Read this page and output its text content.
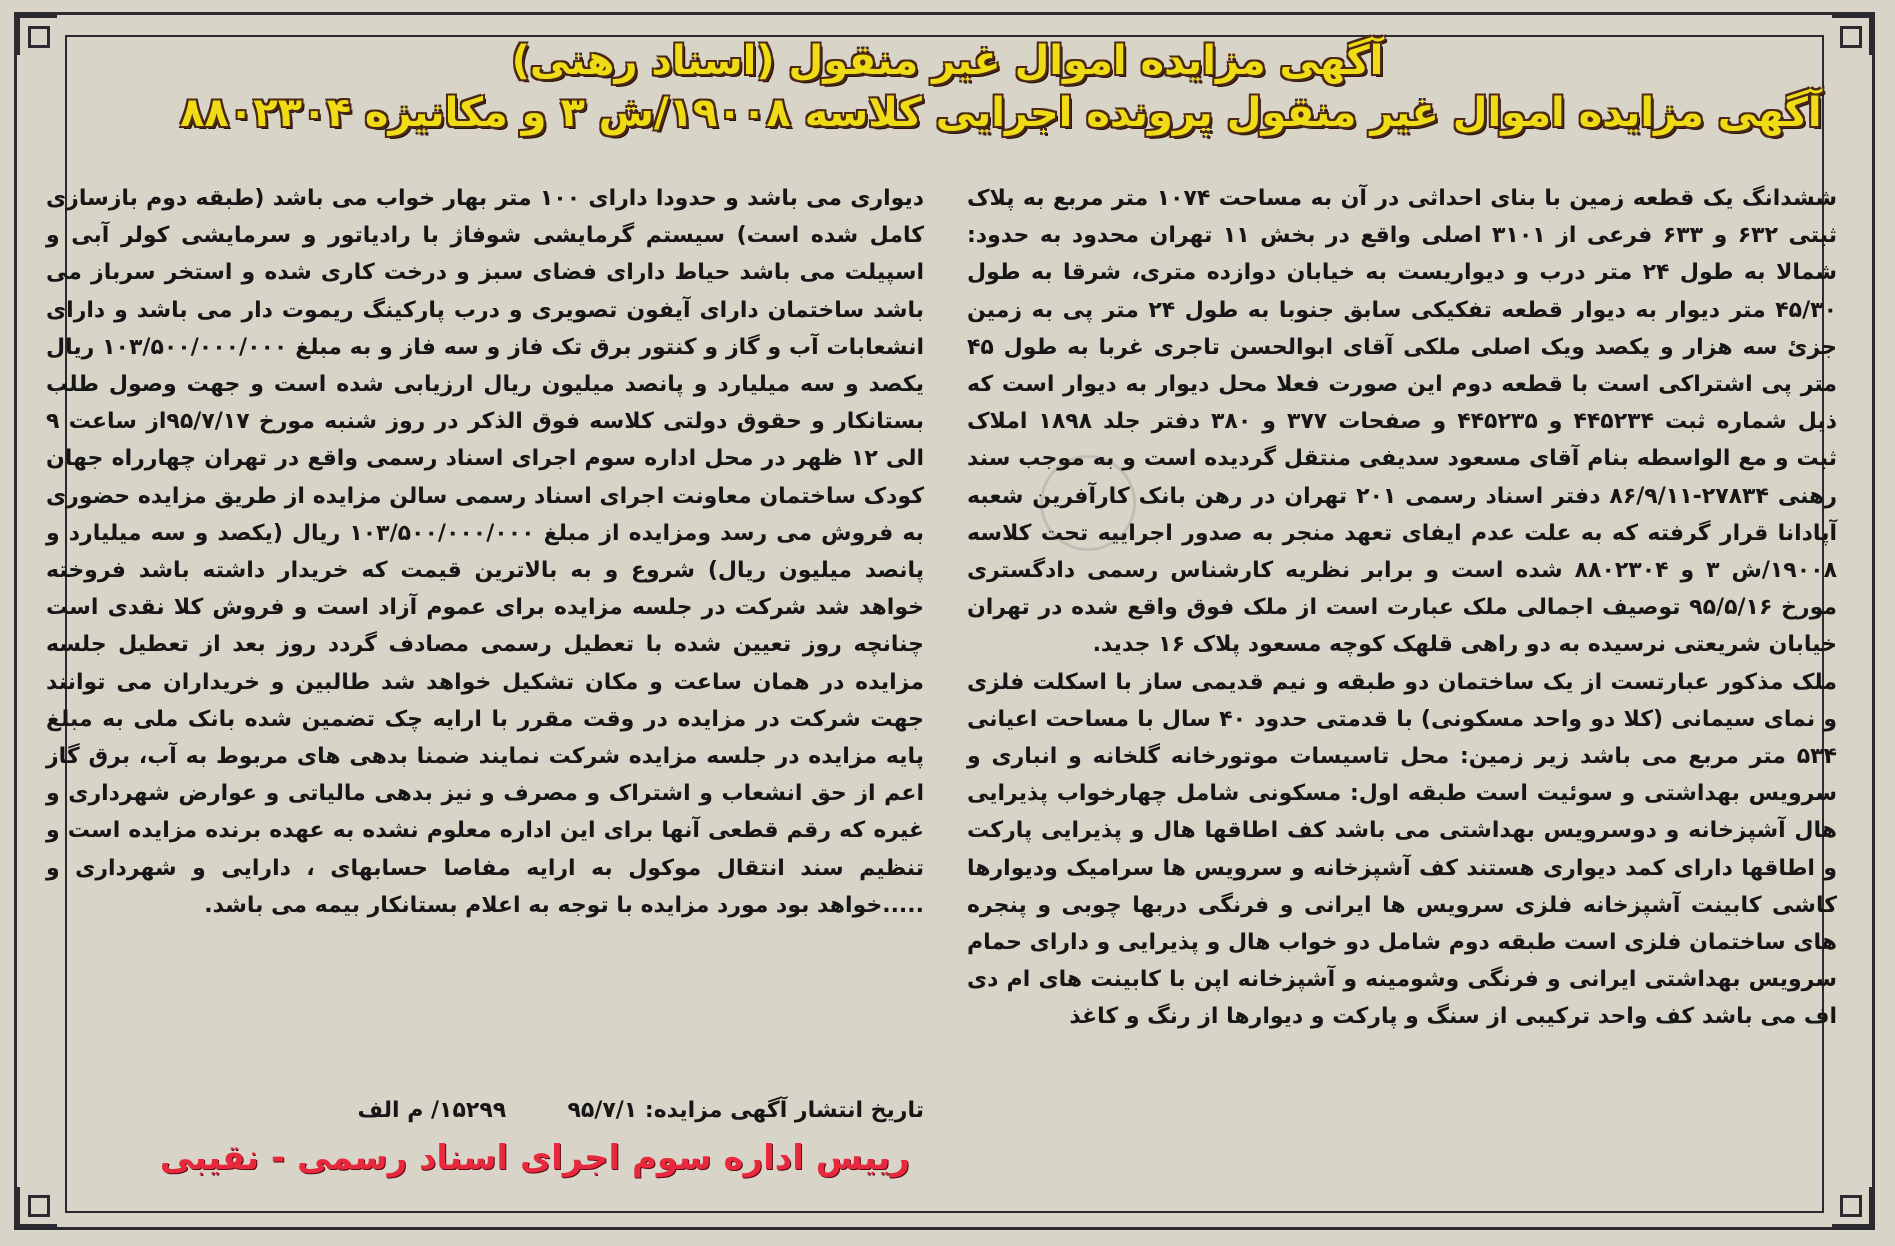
آگهی مزایده اموال غیر منقول (اسناد رهنی)
آگهی مزایده اموال غیر منقول پرونده اجرایی کلاسه ۱۹۰۰۸/ش ۳ و مکانیزه ۸۸۰۲۳۰۴

ششدانگ یک قطعه زمین با بنای احداثی در آن به مساحت ۱۰۷۴ متر مربع به پلاک ثبتی ۶۳۲ و ۶۳۳ فرعی از ۳۱۰۱ اصلی واقع در بخش ۱۱ تهران محدود به حدود: شمالا به طول ۲۴ متر درب و دیواریست به خیابان دوازده متری، شرقا به طول ۴۵/۳۰ متر دیوار به دیوار قطعه تفکیکی سابق جنوبا به طول ۲۴ متر پی به زمین جزئ سه هزار و یکصد ویک اصلی ملکی آقای ابوالحسن تاجری غربا به طول ۴۵ متر پی اشتراکی است با قطعه دوم این صورت فعلا محل دیوار به دیوار است که ذیل شماره ثبت ۴۴۵۲۳۴ و ۴۴۵۲۳۵ و صفحات ۳۷۷ و ۳۸۰ دفتر جلد ۱۸۹۸ املاک ثبت و مع الواسطه بنام آقای مسعود سدیفی منتقل گردیده است و به موجب سند رهنی ۲۷۸۳۴-۸۶/۹/۱۱ دفتر اسناد رسمی ۲۰۱ تهران در رهن بانک کارآفرین شعبه آپادانا قرار گرفته که به علت عدم ایفای تعهد منجر به صدور اجراییه تحت کلاسه ۱۹۰۰۸/ش ۳ و ۸۸۰۲۳۰۴ شده است و برابر نظریه کارشناس رسمی دادگستری مورخ ۹۵/۵/۱۶ توصیف اجمالی ملک عبارت است از ملک فوق واقع شده در تهران خیابان شریعتی نرسیده به دو راهی قلهک کوچه مسعود پلاک ۱۶ جدید.

ملک مذکور عبارتست از یک ساختمان دو طبقه و نیم قدیمی ساز با اسکلت فلزی و نمای سیمانی (کلا دو واحد مسکونی) با قدمتی حدود ۴۰ سال با مساحت اعیانی ۵۳۴ متر مربع می باشد زیر زمین: محل تاسیسات موتورخانه گلخانه و انباری و سرویس بهداشتی و سوئیت است طبقه اول: مسکونی شامل چهارخواب پذیرایی هال آشپزخانه و دوسرویس بهداشتی می باشد کف اطاقها هال و پذیرایی پارکت و اطاقها دارای کمد دیواری هستند کف آشپزخانه و سرویس ها سرامیک ودیوارها کاشی کابینت آشپزخانه فلزی سرویس ها ایرانی و فرنگی دربها چوبی و پنجره های ساختمان فلزی است طبقه دوم شامل دو خواب هال و پذیرایی و دارای حمام سرویس بهداشتی ایرانی و فرنگی وشومینه و آشپزخانه اپن با کابینت های ام دی اف می باشد کف واحد ترکیبی از سنگ و پارکت و دیوارها از رنگ و کاغذ

دیواری می باشد و حدودا دارای ۱۰۰ متر بهار خواب می باشد (طبقه دوم بازسازی کامل شده است) سیستم گرمایشی شوفاژ با رادیاتور و سرمایشی کولر آبی و اسپیلت می باشد حیاط دارای فضای سبز و درخت کاری شده و استخر سرباز می باشد ساختمان دارای آیفون تصویری و درب پارکینگ ریموت دار می باشد و دارای انشعابات آب و گاز و کنتور برق تک فاز و سه فاز و به مبلغ ۱۰۳/۵۰۰/۰۰۰/۰۰۰ ریال یکصد و سه میلیارد و پانصد میلیون ریال ارزیابی شده است و جهت وصول طلب بستانکار و حقوق دولتی کلاسه فوق الذکر در روز شنبه مورخ ۹۵/۷/۱۷از ساعت ۹ الی ۱۲ ظهر در محل اداره سوم اجرای اسناد رسمی واقع در تهران چهارراه جهان کودک ساختمان معاونت اجرای اسناد رسمی سالن مزایده از طریق مزایده حضوری به فروش می رسد ومزایده از مبلغ ۱۰۳/۵۰۰/۰۰۰/۰۰۰ ریال (یکصد و سه میلیارد و پانصد میلیون ریال) شروع و به بالاترین قیمت که خریدار داشته باشد فروخته خواهد شد شرکت در جلسه مزایده برای عموم آزاد است و فروش کلا نقدی است چنانچه روز تعیین شده با تعطیل رسمی مصادف گردد روز بعد از تعطیل جلسه مزایده در همان ساعت و مکان تشکیل خواهد شد طالبین و خریداران می توانند جهت شرکت در مزایده در وقت مقرر با ارایه چک تضمین شده بانک ملی به مبلغ پایه مزایده در جلسه مزایده شرکت نمایند ضمنا بدهی های مربوط به آب، برق گاز اعم از حق انشعاب و اشتراک و مصرف و نیز بدهی مالیاتی و عوارض شهرداری و غیره که رقم قطعی آنها برای این اداره معلوم نشده به عهده برنده مزایده است و تنظیم سند انتقال موکول به ارایه مفاصا حسابهای ، دارایی و شهرداری و .....خواهد بود مورد مزایده با توجه به اعلام بستانکار بیمه می باشد.

تاریخ انتشار آگهی مزایده: ۹۵/۷/۱        ۱۵۲۹۹/ م الف
رییس اداره سوم اجرای اسناد رسمی - نقیبی
